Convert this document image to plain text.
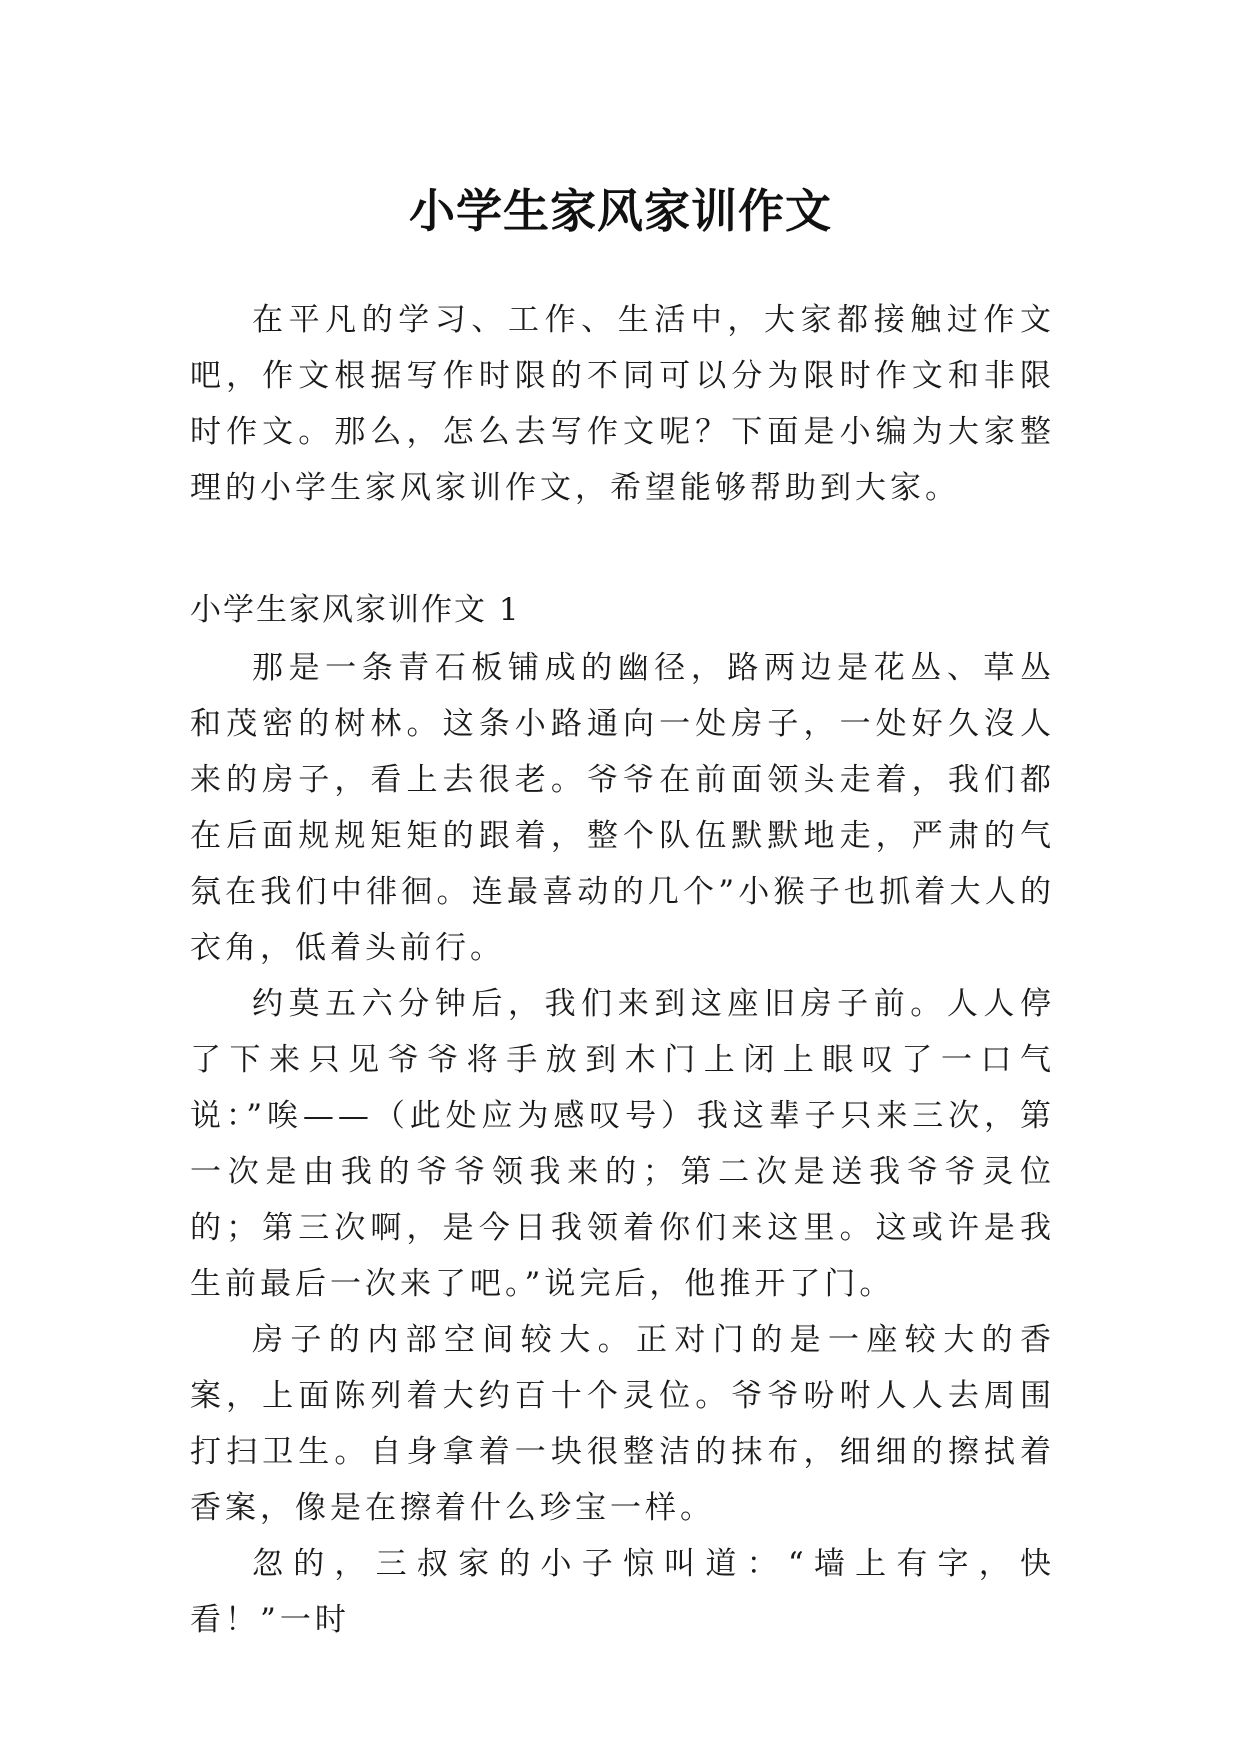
小学生家风家训作文

在平凡的学习、工作、生活中，大家都接触过作文吧，作文根据写作时限的不同可以分为限时作文和非限时作文。那么，怎么去写作文呢？下面是小编为大家整理的小学生家风家训作文，希望能够帮助到大家。

小学生家风家训作文 1

那是一条青石板铺成的幽径，路两边是花丛、草丛和茂密的树林。这条小路通向一处房子，一处好久沒人来的房子，看上去很老。爷爷在前面领头走着，我们都在后面规规矩矩的跟着，整个队伍默默地走，严肃的气氛在我们中徘徊。连最喜动的几个”小猴子也抓着大人的衣角，低着头前行。

约莫五六分钟后，我们来到这座旧房子前。人人停了下来只见爷爷将手放到木门上闭上眼叹了一口气说：”唉——（此处应为感叹号）我这辈子只来三次，第一次是由我的爷爷领我来的；第二次是送我爷爷灵位的；第三次啊，是今日我领着你们来这里。这或许是我生前最后一次来了吧。”说完后，他推开了门。

房子的内部空间较大。正对门的是一座较大的香案，上面陈列着大约百十个灵位。爷爷吩咐人人去周围打扫卫生。自身拿着一块很整洁的抹布，细细的擦拭着香案，像是在擦着什么珍宝一样。

忽的，三叔家的小子惊叫道：“墙上有字，快看！”一时
